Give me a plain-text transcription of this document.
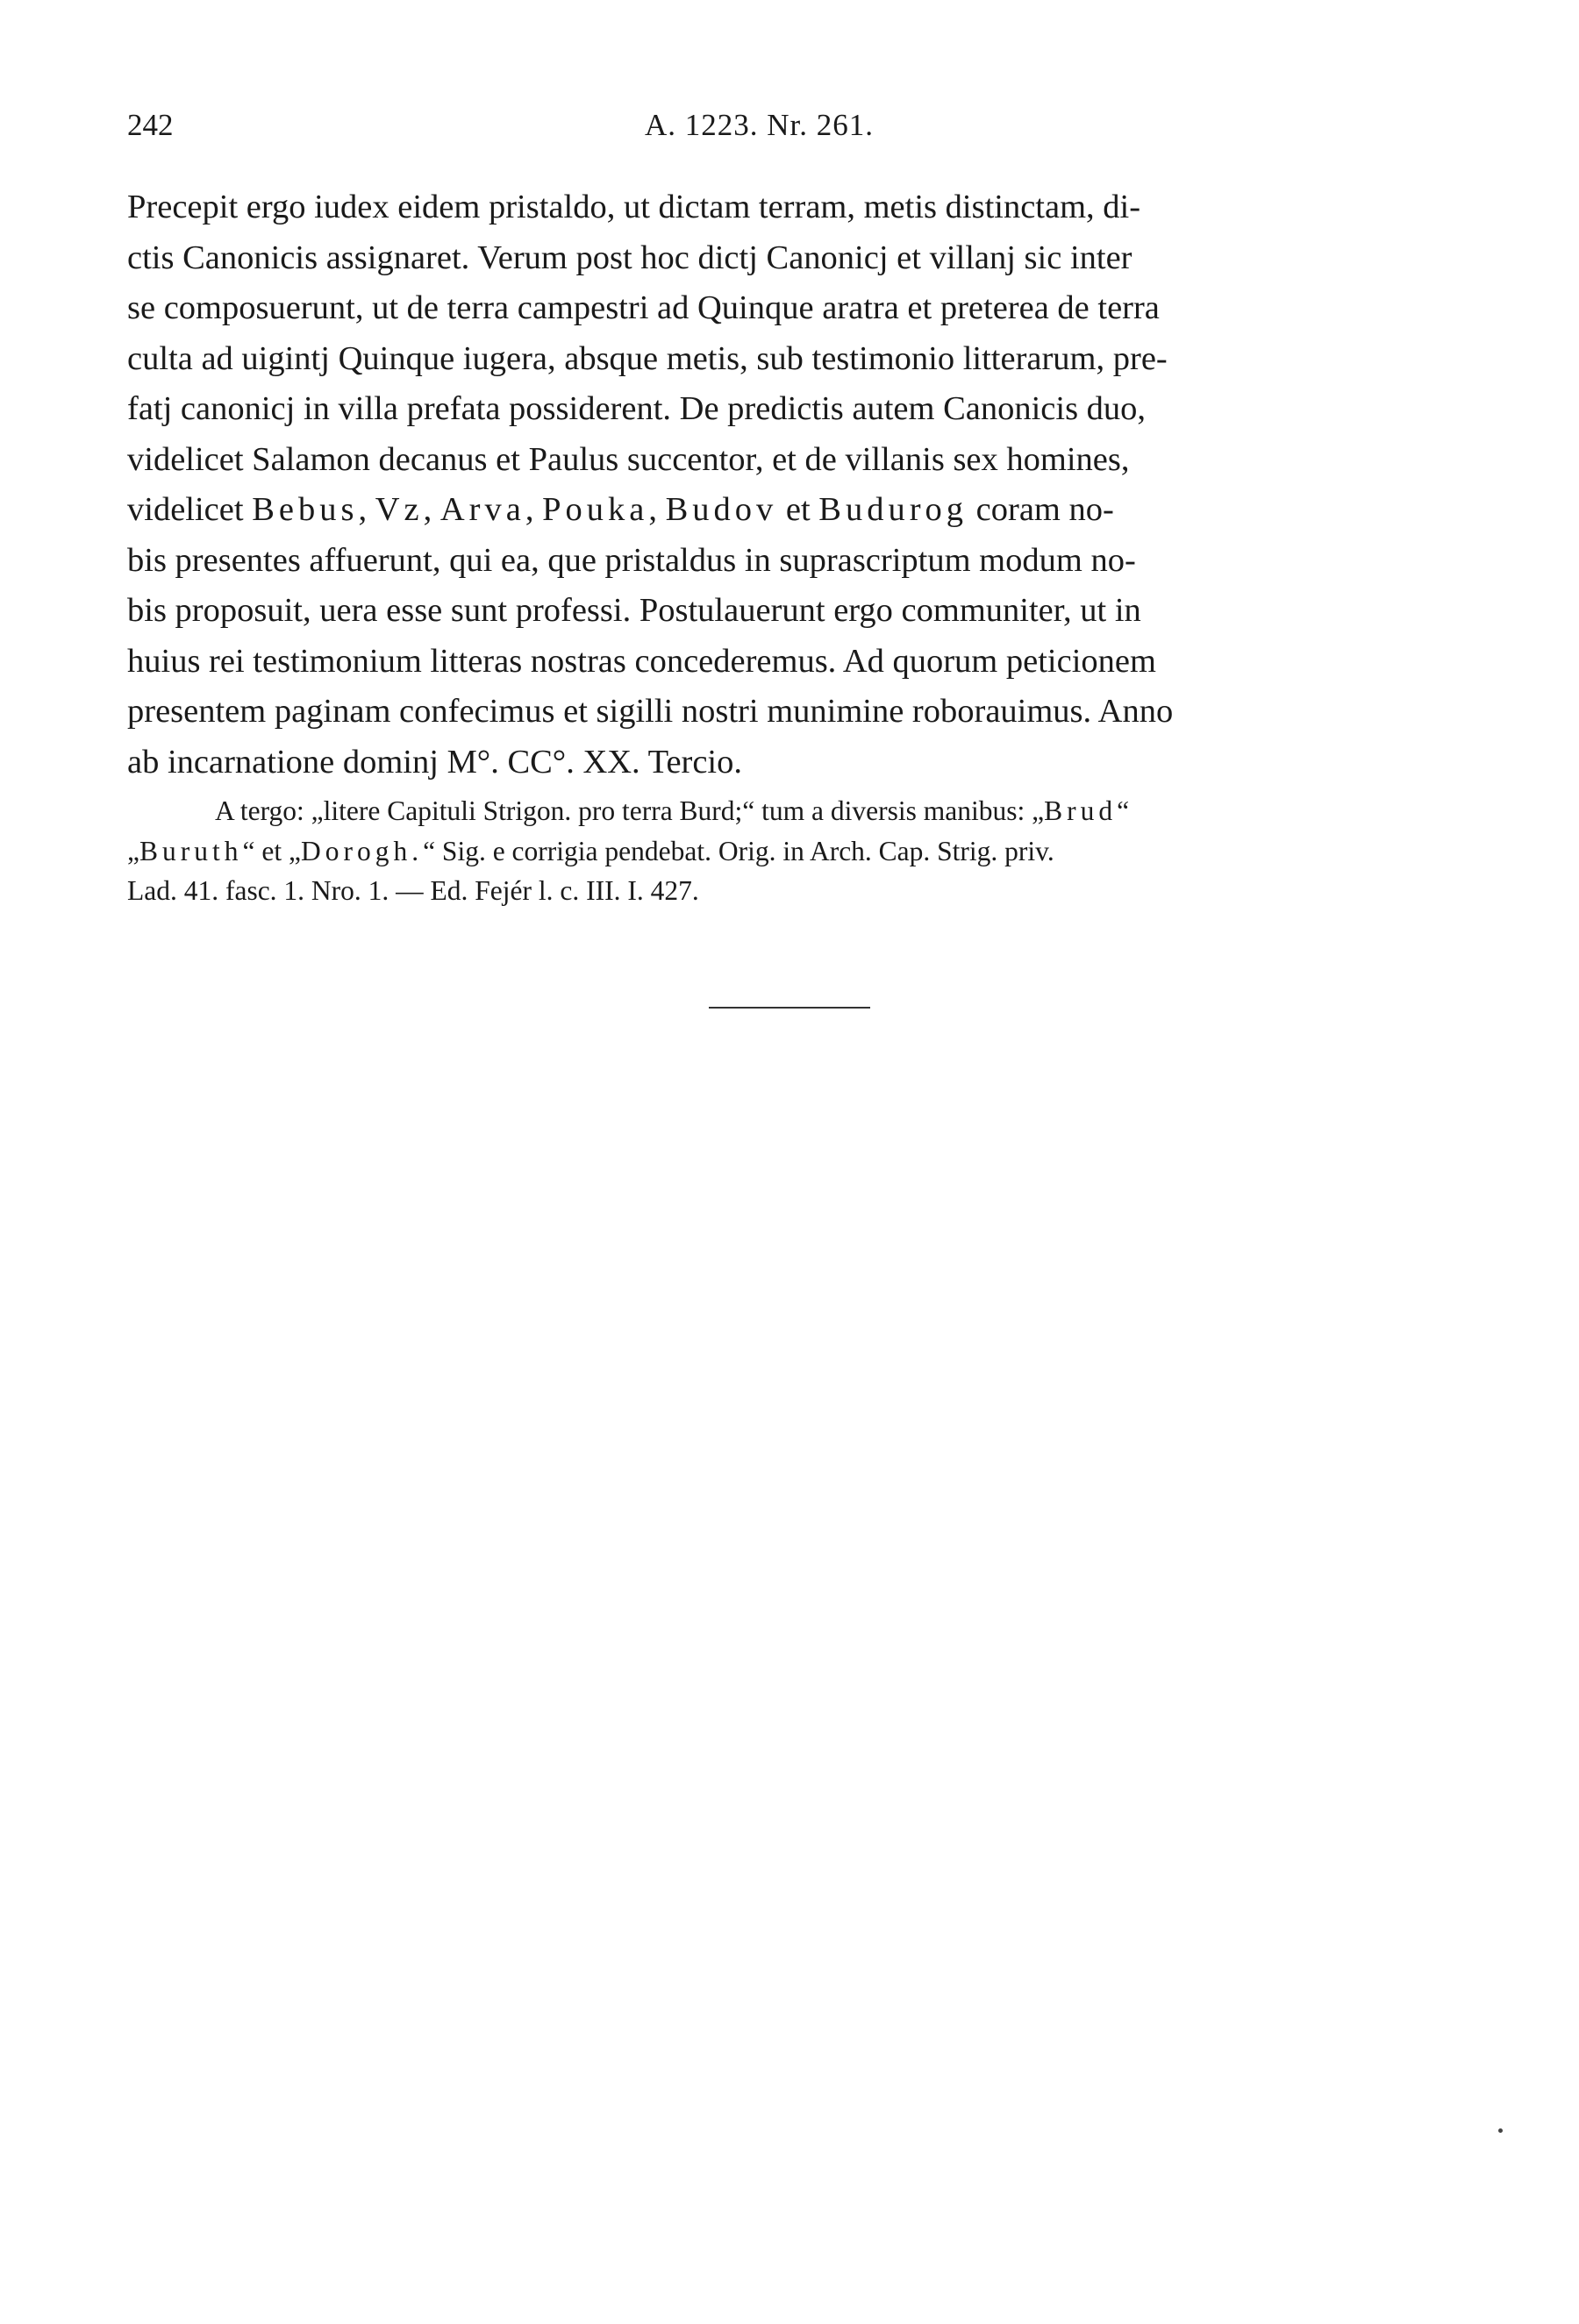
242	A. 1223. Nr. 261.
Precepit ergo iudex eidem pristaldo, ut dictam terram, metis distinctam, di-
ctis Canonicis assignaret. Verum post hoc dictj Canonicj et villanj sic inter
se composuerunt, ut de terra campestri ad Quinque aratra et preterea de terra
culta ad uigintj Quinque iugera, absque metis, sub testimonio litterarum, pre-
fatj canonicj in villa prefata possiderent. De predictis autem Canonicis duo,
videlicet Salamon decanus et Paulus succentor, et de villanis sex homines,
videlicet Bebus, Vz, Arva, Pouka, Budov et Budurog coram no-
bis presentes affuerunt, qui ea, que pristaldus in suprascriptum modum no-
bis proposuit, uera esse sunt professi. Postulauerunt ergo communiter, ut in
huius rei testimonium litteras nostras concederemus. Ad quorum peticionem
presentem paginam confecimus et sigilli nostri munimine roborauimus. Anno
ab incarnatione dominj M°. CC°. XX. Tercio.
A tergo: „litere Capituli Strigon. pro terra Burd;“ tum a diversis manibus: „Brud“
„Buruth“ et „Dorogh.“ Sig. e corrigia pendebat. Orig. in Arch. Cap. Strig. priv.
Lad. 41. fasc. 1. Nro. 1. — Ed. Fejér l. c. III. I. 427.
